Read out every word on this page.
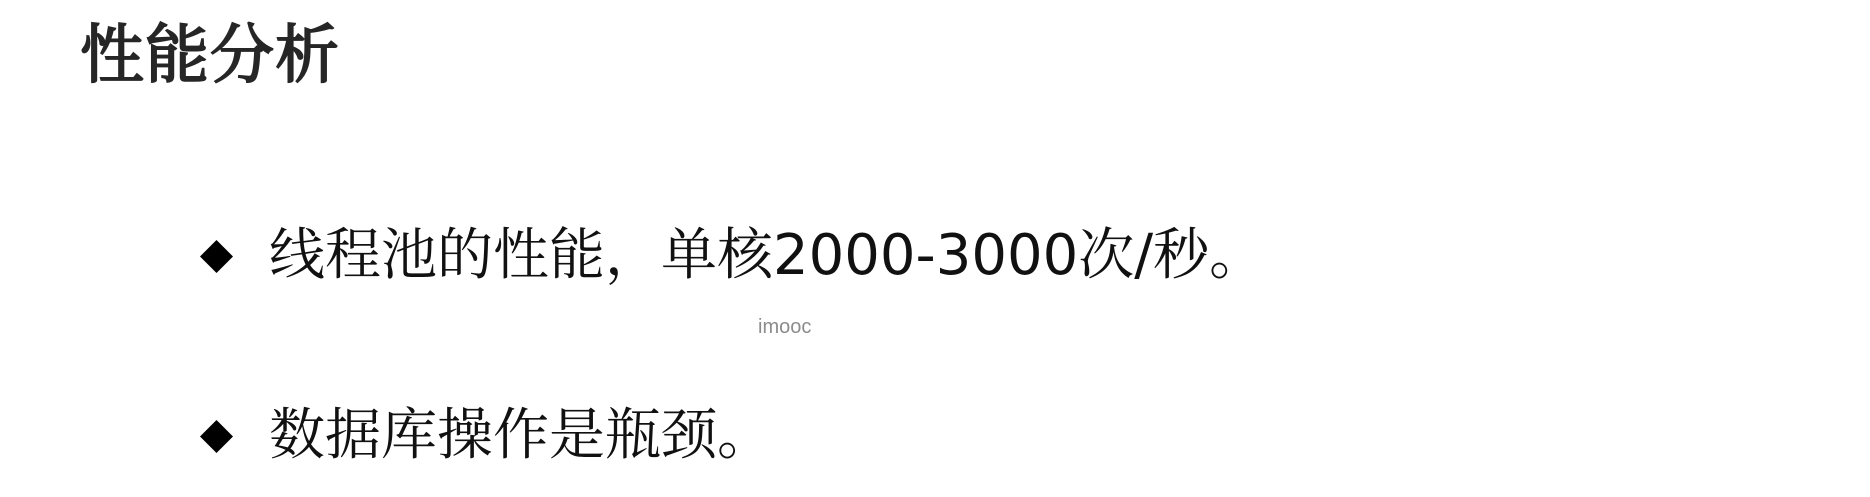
性能分析
线程池的性能，单核2000-3000次/秒。
imooc
数据库操作是瓶颈。
